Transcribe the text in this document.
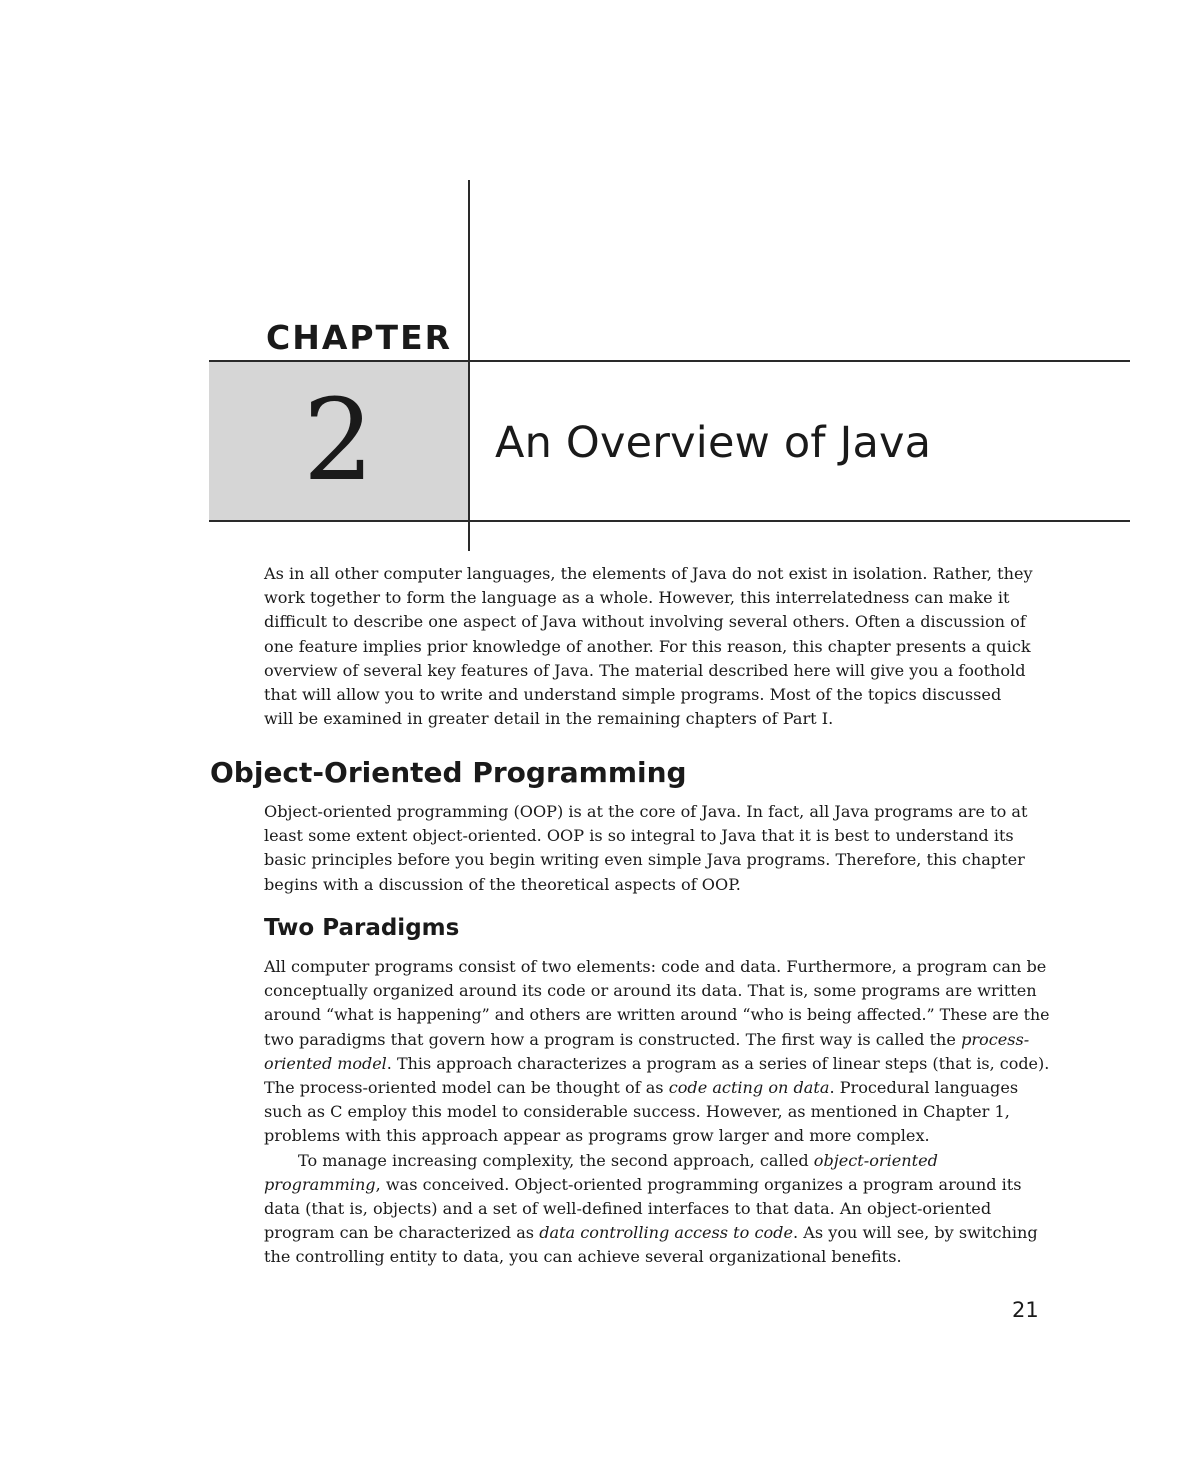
CHAPTER
2	An Overview of Java
As in all other computer languages, the elements of Java do not exist in isolation. Rather, they
work together to form the language as a whole. However, this interrelatedness can make it
difficult to describe one aspect of Java without involving several others. Often a discussion of
one feature implies prior knowledge of another. For this reason, this chapter presents a quick
overview of several key features of Java. The material described here will give you a foothold
that will allow you to write and understand simple programs. Most of the topics discussed
will be examined in greater detail in the remaining chapters of Part I.
Object-Oriented Programming
Object-oriented programming (OOP) is at the core of Java. In fact, all Java programs are to at
least some extent object-oriented. OOP is so integral to Java that it is best to understand its
basic principles before you begin writing even simple Java programs. Therefore, this chapter
begins with a discussion of the theoretical aspects of OOP.
Two Paradigms
All computer programs consist of two elements: code and data. Furthermore, a program can be
conceptually organized around its code or around its data. That is, some programs are written
around “what is happening” and others are written around “who is being affected.” These are the
two paradigms that govern how a program is constructed. The first way is called the process-
oriented model. This approach characterizes a program as a series of linear steps (that is, code).
The process-oriented model can be thought of as code acting on data. Procedural languages
such as C employ this model to considerable success. However, as mentioned in Chapter 1,
problems with this approach appear as programs grow larger and more complex.
To manage increasing complexity, the second approach, called object-oriented
programming, was conceived. Object-oriented programming organizes a program around its
data (that is, objects) and a set of well-defined interfaces to that data. An object-oriented
program can be characterized as data controlling access to code. As you will see, by switching
the controlling entity to data, you can achieve several organizational benefits.
21
